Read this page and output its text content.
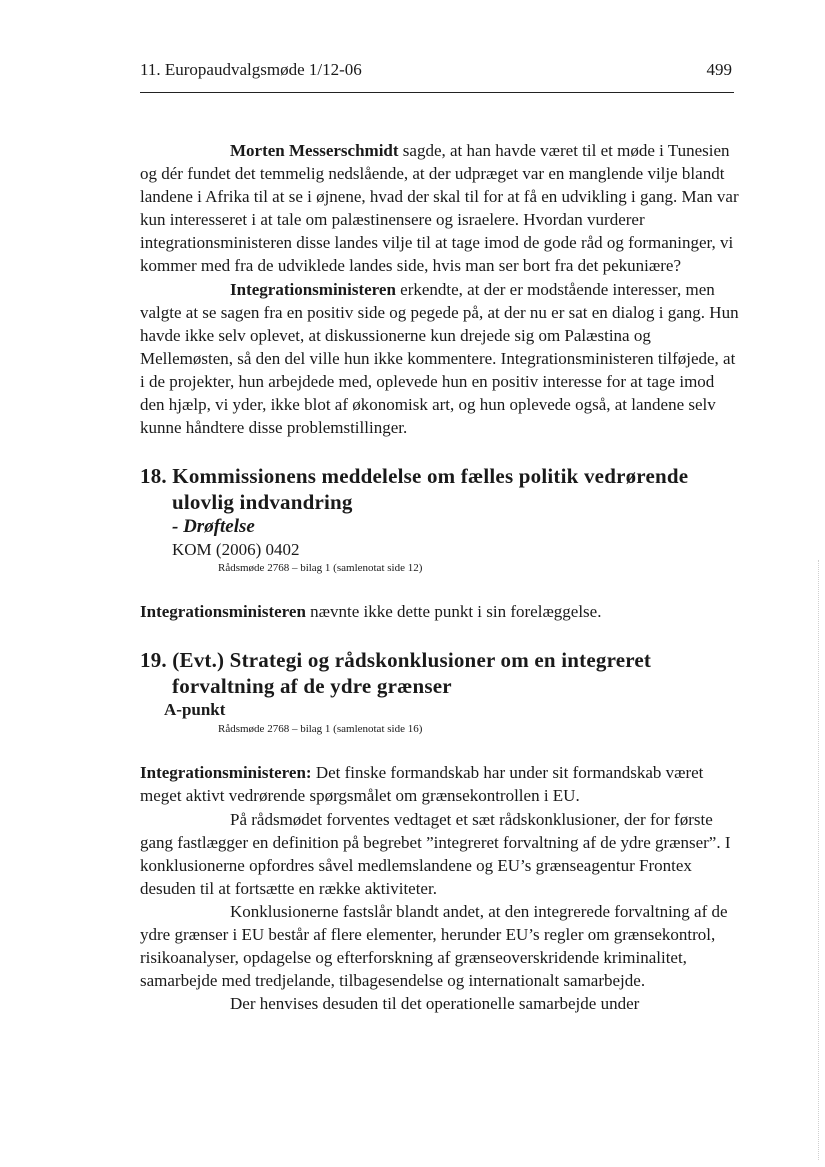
11. Europaudvalgsmøde 1/12-06	499

Morten Messerschmidt sagde, at han havde været til et møde i Tunesien og dér fundet det temmelig nedslående, at der udpræget var en manglende vilje blandt landene i Afrika til at se i øjnene, hvad der skal til for at få en udvikling i gang. Man var kun interesseret i at tale om palæstinensere og israelere. Hvordan vurderer integrationsministeren disse landes vilje til at tage imod de gode råd og formaninger, vi kommer med fra de udviklede landes side, hvis man ser bort fra det pekuniære?

Integrationsministeren erkendte, at der er modstående interesser, men valgte at se sagen fra en positiv side og pegede på, at der nu er sat en dialog i gang. Hun havde ikke selv oplevet, at diskussionerne kun drejede sig om Palæstina og Mellemøsten, så den del ville hun ikke kommentere. Integrationsministeren tilføjede, at i de projekter, hun arbejdede med, oplevede hun en positiv interesse for at tage imod den hjælp, vi yder, ikke blot af økonomisk art, og hun oplevede også, at landene selv kunne håndtere disse problemstillinger.

18. Kommissionens meddelelse om fælles politik vedrørende ulovlig indvandring
- Drøftelse
KOM (2006) 0402
Rådsmøde 2768 – bilag 1 (samlenotat side 12)

Integrationsministeren nævnte ikke dette punkt i sin forelæggelse.

19. (Evt.) Strategi og rådskonklusioner om en integreret forvaltning af de ydre grænser
A-punkt
Rådsmøde 2768 – bilag 1 (samlenotat side 16)

Integrationsministeren: Det finske formandskab har under sit formandskab været meget aktivt vedrørende spørgsmålet om grænsekontrollen i EU.

På rådsmødet forventes vedtaget et sæt rådskonklusioner, der for første gang fastlægger en definition på begrebet ”integreret forvaltning af de ydre grænser”. I konklusionerne opfordres såvel medlemslandene og EU’s grænseagentur Frontex desuden til at fortsætte en række aktiviteter.

Konklusionerne fastslår blandt andet, at den integrerede forvaltning af de ydre grænser i EU består af flere elementer, herunder EU’s regler om grænsekontrol, risikoanalyser, opdagelse og efterforskning af grænseoverskridende kriminalitet, samarbejde med tredjelande, tilbagesendelse og internationalt samarbejde.

Der henvises desuden til det operationelle samarbejde under
